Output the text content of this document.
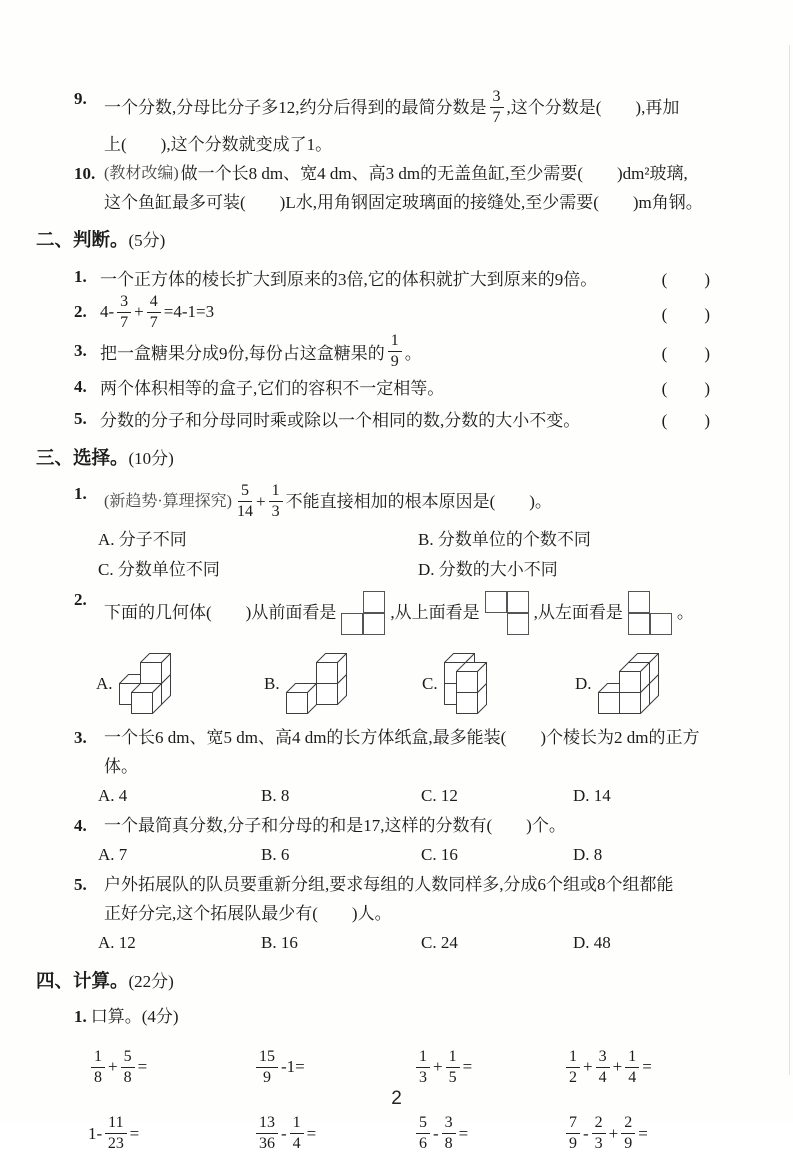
9.	一个分数,分母比分子多12,约分后得到的最简分数是 $\frac{3}{7}$ ,这个分数是(　　),再加
上(　　),这个分数就变成了1。
10. (教材改编) 做一个长8 dm、宽4 dm、高3 dm的无盖鱼缸,至少需要(　　)dm²玻璃,
这个鱼缸最多可装(　　)L水,用角钢固定玻璃面的接缝处,至少需要(　　)m角钢。
二、判断。 (5分)
1. 一个正方体的棱长扩大到原来的3倍,它的体积就扩大到原来的9倍。	(　　)
2. $4- \frac{3}{7} + \frac{4}{7} =4-1=3$	(　　)
3. 把一盒糖果分成9份,每份占这盒糖果的 $\frac{1}{9}$ 。	(　　)
4. 两个体积相等的盒子,它们的容积不一定相等。	(　　)
5. 分数的分子和分母同时乘或除以一个相同的数,分数的大小不变。	(　　)
三、选择。 (10分)
1.	(新趋势·算理探究) $\frac{5}{14} + \frac{1}{3}$ 不能直接相加的根本原因是(　　)。
A. 分子不同	B. 分数单位的个数不同
C. 分数单位不同	D. 分数的大小不同
2.
下面的几何体(　　)从前面看是	,从上面看是	,从左面看是	。
A.	B.	C.	D.
3.	一个长6 dm、宽5 dm、高4 dm的长方体纸盒,最多能装(　　)个棱长为2 dm的正方体。
A. 4	B. 8	C. 12	D. 14
4.	一个最简真分数,分子和分母的和是17,这样的分数有(　　)个。
A. 7	B. 6	C. 16	D. 8
5.	户外拓展队的队员要重新分组,要求每组的人数同样多,分成6个组或8个组都能
正好分完,这个拓展队最少有(　　)人。
A. 12	B. 16	C. 24	D. 48
四、计算。 (22分)
1. 口算。(4分)
$\frac{1}{8} + \frac{5}{8}$ =	$\frac{15}{9} -1=$	$\frac{1}{3} + \frac{1}{5}$ =	$\frac{1}{2} + \frac{3}{4} + \frac{1}{4}$ =
$1- \frac{11}{23}$ =	$\frac{13}{36} - \frac{1}{4}$ =	$\frac{5}{6} - \frac{3}{8}$ =	$\frac{7}{9} - \frac{2}{3} + \frac{2}{9}$ =
2
